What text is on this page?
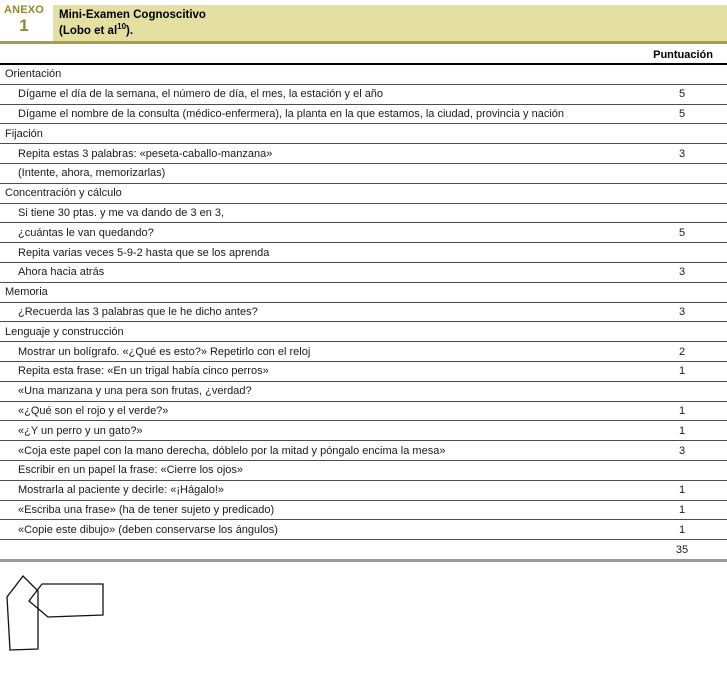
ANEXO
1
Mini-Examen Cognoscitivo
(Lobo et $al^{10}$).
Puntuación
Orientación
Dígame el día de la semana, el número de día, el mes, la estación y el año	5
Dígame el nombre de la consulta (médico-enfermera), la planta en la que estamos, la ciudad, provincia y nación	5
Fijación
Repita estas 3 palabras: «peseta-caballo-manzana»	3
(Intente, ahora, memorizarlas)
Concentración y cálculo
Si tiene 30 ptas. y me va dando de 3 en 3,
¿cuántas le van quedando?	5
Repita varias veces 5-9-2 hasta que se los aprenda
Ahora hacia atrás	3
Memoria
¿Recuerda las 3 palabras que le he dicho antes?	3
Lenguaje y construcción
Mostrar un bolígrafo. «¿Qué es esto?» Repetirlo con el reloj	2
Repita esta frase: «En un trigal había cinco perros»	1
«Una manzana y una pera son frutas, ¿verdad?
«¿Qué son el rojo y el verde?»	1
«¿Y un perro y un gato?»	1
«Coja este papel con la mano derecha, dóblelo por la mitad y póngalo encima la mesa»	3
Escribir en un papel la frase: «Cierre los ojos»
Mostrarla al paciente y decirle: «¡Hágalo!»	1
«Escriba una frase» (ha de tener sujeto y predicado)	1
«Copie este dibujo» (deben conservarse los ángulos)	1
35
